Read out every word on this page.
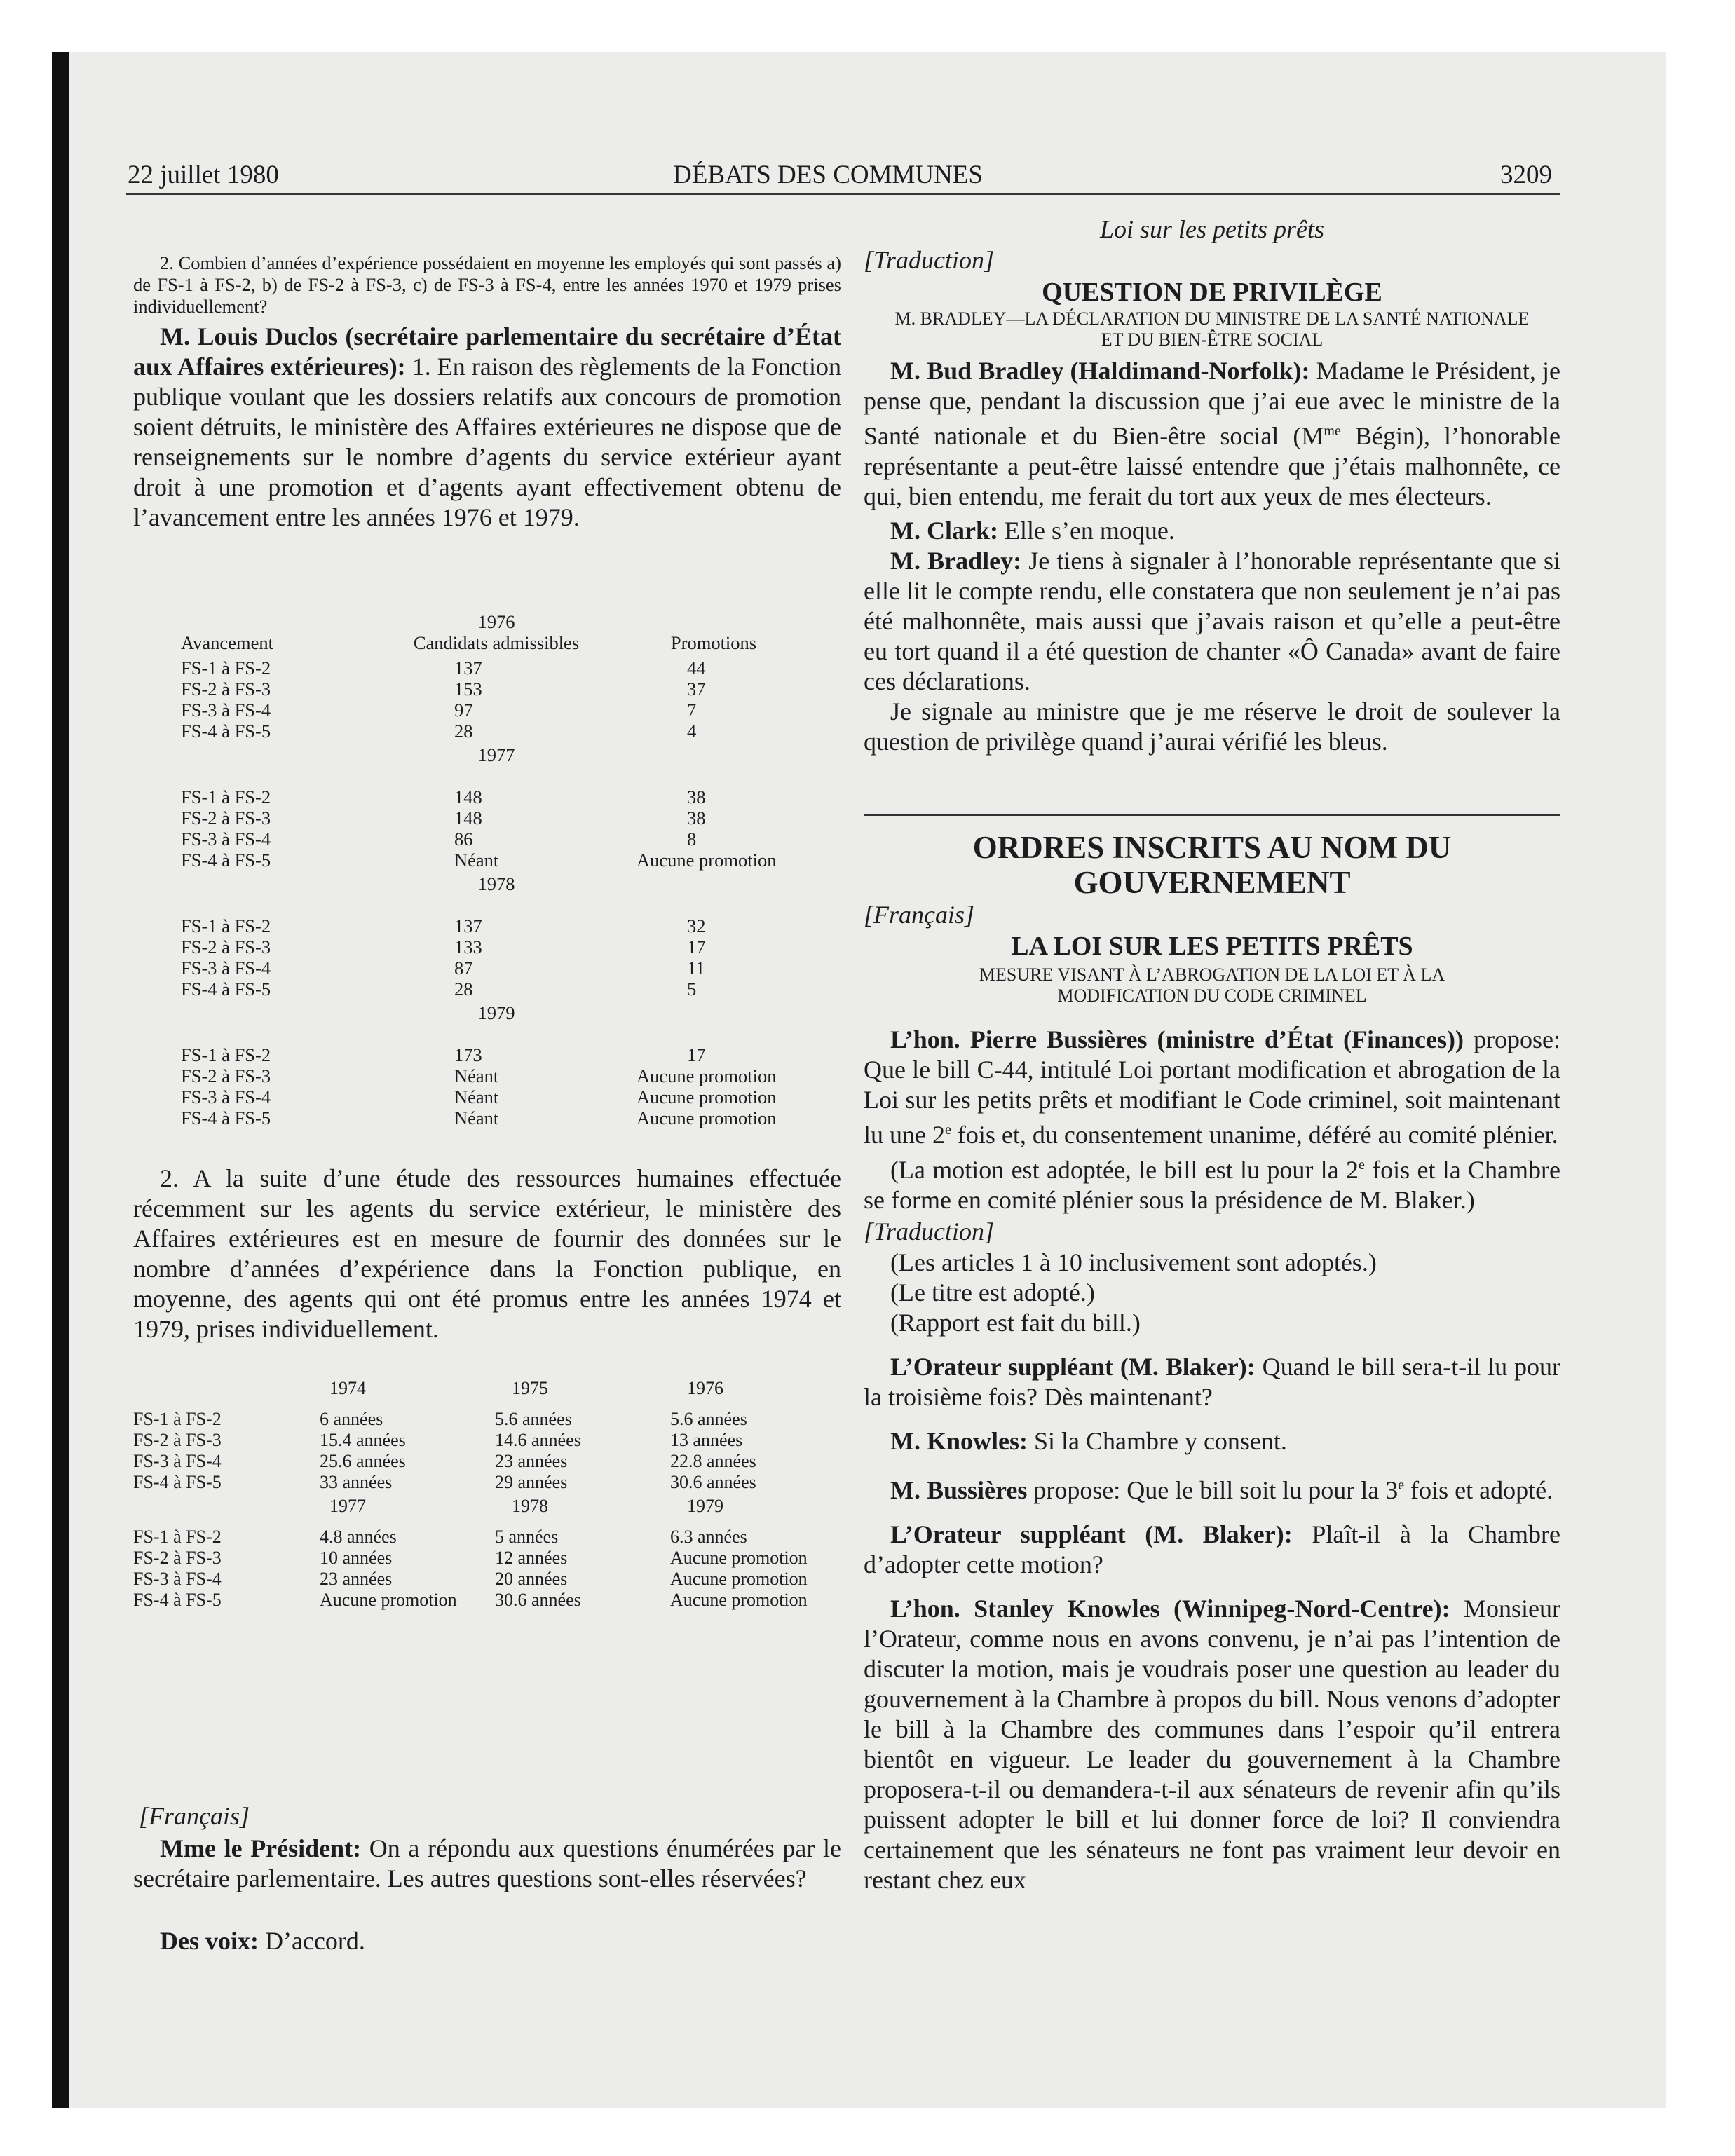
22 juillet 1980	DÉBATS DES COMMUNES	3209

2. Combien d’années d’expérience possédaient en moyenne les employés qui sont passés a) de FS-1 à FS-2, b) de FS-2 à FS-3, c) de FS-3 à FS-4, entre les années 1970 et 1979 prises individuellement?

M. Louis Duclos (secrétaire parlementaire du secrétaire d’État aux Affaires extérieures): 1. En raison des règlements de la Fonction publique voulant que les dossiers relatifs aux concours de promotion soient détruits, le ministère des Affaires extérieures ne dispose que de renseignements sur le nombre d’agents du service extérieur ayant droit à une promotion et d’agents ayant effectivement obtenu de l’avancement entre les années 1976 et 1979.

	1976	
Avancement	Candidats admissibles	Promotions
FS-1 à FS-2	137	44
FS-2 à FS-3	153	37
FS-3 à FS-4	97	7
FS-4 à FS-5	28	4
	1977	

FS-1 à FS-2	148	38
FS-2 à FS-3	148	38
FS-3 à FS-4	86	8
FS-4 à FS-5	Néant	Aucune promotion
	1978	

FS-1 à FS-2	137	32
FS-2 à FS-3	133	17
FS-3 à FS-4	87	11
FS-4 à FS-5	28	5
	1979	

FS-1 à FS-2	173	17
FS-2 à FS-3	Néant	Aucune promotion
FS-3 à FS-4	Néant	Aucune promotion
FS-4 à FS-5	Néant	Aucune promotion

2. A la suite d’une étude des ressources humaines effectuée récemment sur les agents du service extérieur, le ministère des Affaires extérieures est en mesure de fournir des données sur le nombre d’années d’expérience dans la Fonction publique, en moyenne, des agents qui ont été promus entre les années 1974 et 1979, prises individuellement.

	1974	1975	1976
FS-1 à FS-2	6 années	5.6 années	5.6 années
FS-2 à FS-3	15.4 années	14.6 années	13 années
FS-3 à FS-4	25.6 années	23 années	22.8 années
FS-4 à FS-5	33 années	29 années	30.6 années
	1977	1978	1979
FS-1 à FS-2	4.8 années	5 années	6.3 années
FS-2 à FS-3	10 années	12 années	Aucune promotion
FS-3 à FS-4	23 années	20 années	Aucune promotion
FS-4 à FS-5	Aucune promotion	30.6 années	Aucune promotion

[Français]

Mme le Président: On a répondu aux questions énumérées par le secrétaire parlementaire. Les autres questions sont-elles réservées?

Des voix: D’accord.

Loi sur les petits prêts

[Traduction]

QUESTION DE PRIVILÈGE

M. BRADLEY—LA DÉCLARATION DU MINISTRE DE LA SANTÉ NATIONALE ET DU BIEN-ÊTRE SOCIAL

M. Bud Bradley (Haldimand-Norfolk): Madame le Président, je pense que, pendant la discussion que j’ai eue avec le ministre de la Santé nationale et du Bien-être social ($M^{me}$ Bégin), l’honorable représentante a peut-être laissé entendre que j’étais malhonnête, ce qui, bien entendu, me ferait du tort aux yeux de mes électeurs.

M. Clark: Elle s’en moque.

M. Bradley: Je tiens à signaler à l’honorable représentante que si elle lit le compte rendu, elle constatera que non seulement je n’ai pas été malhonnête, mais aussi que j’avais raison et qu’elle a peut-être eu tort quand il a été question de chanter «Ô Canada» avant de faire ces déclarations.

Je signale au ministre que je me réserve le droit de soulever la question de privilège quand j’aurai vérifié les bleus.

ORDRES INSCRITS AU NOM DU GOUVERNEMENT

[Français]

LA LOI SUR LES PETITS PRÊTS

MESURE VISANT À L’ABROGATION DE LA LOI ET À LA MODIFICATION DU CODE CRIMINEL

L’hon. Pierre Bussières (ministre d’État (Finances)) propose: Que le bill C-44, intitulé Loi portant modification et abrogation de la Loi sur les petits prêts et modifiant le Code criminel, soit maintenant lu une 2e fois et, du consentement unanime, déféré au comité plénier.

(La motion est adoptée, le bill est lu pour la 2e fois et la Chambre se forme en comité plénier sous la présidence de M. Blaker.)

[Traduction]

(Les articles 1 à 10 inclusivement sont adoptés.)

(Le titre est adopté.)

(Rapport est fait du bill.)

L’Orateur suppléant (M. Blaker): Quand le bill sera-t-il lu pour la troisième fois? Dès maintenant?

M. Knowles: Si la Chambre y consent.

M. Bussières propose: Que le bill soit lu pour la 3e fois et adopté.

L’Orateur suppléant (M. Blaker): Plaît-il à la Chambre d’adopter cette motion?

L’hon. Stanley Knowles (Winnipeg-Nord-Centre): Monsieur l’Orateur, comme nous en avons convenu, je n’ai pas l’intention de discuter la motion, mais je voudrais poser une question au leader du gouvernement à la Chambre à propos du bill. Nous venons d’adopter le bill à la Chambre des communes dans l’espoir qu’il entrera bientôt en vigueur. Le leader du gouvernement à la Chambre proposera-t-il ou demandera-t-il aux sénateurs de revenir afin qu’ils puissent adopter le bill et lui donner force de loi? Il conviendra certainement que les sénateurs ne font pas vraiment leur devoir en restant chez eux
